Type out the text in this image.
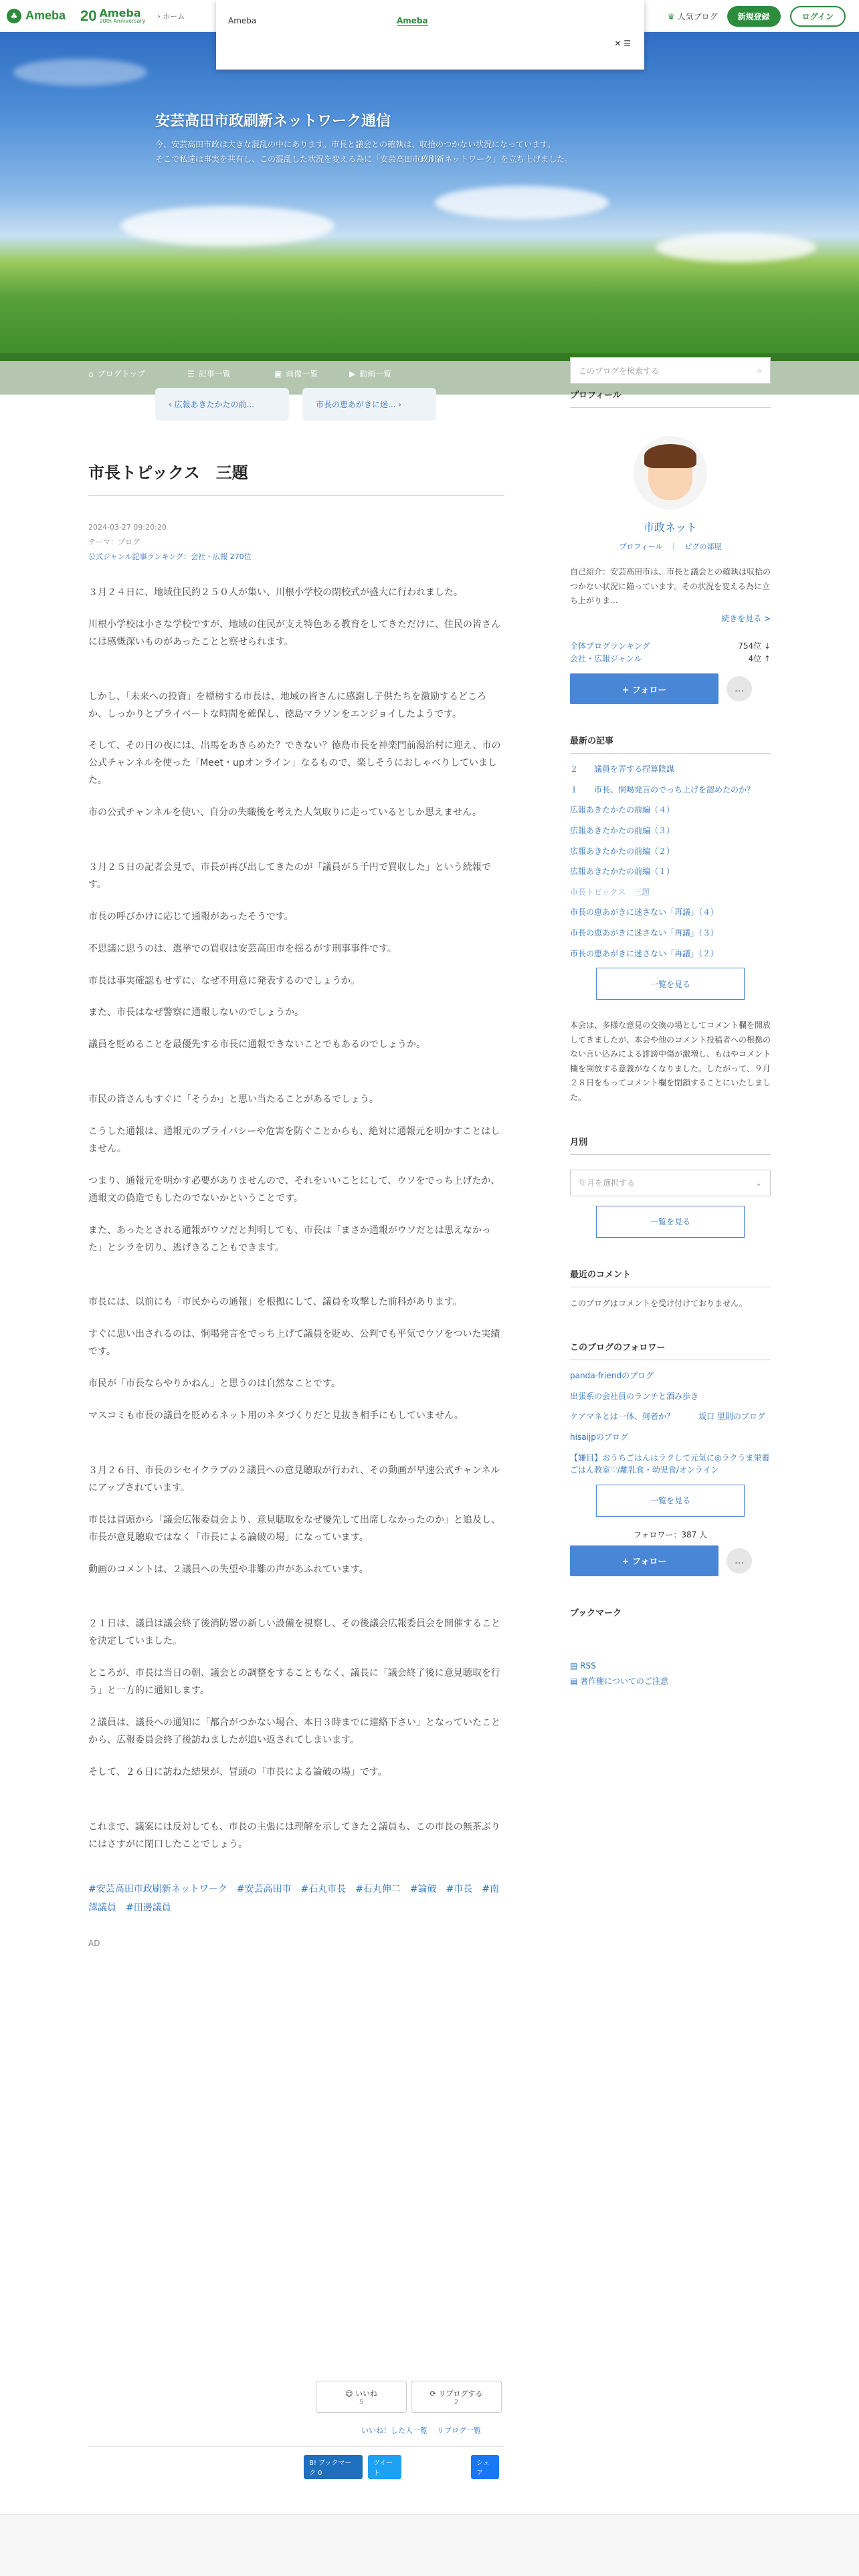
♣ Ameba 20 Ameba
20th Anniversary
› ホーム	♛ 人気ブログ	新規登録	ログイン
Ameba	Ameba
✕ ☰
安芸高田市政刷新ネットワーク通信
今、安芸高田市政は大きな混乱の中にあります。市長と議会との確執は、収拾のつかない状況になっています。
そこで私達は事実を共有し、この混乱した状況を変える為に「安芸高田市政刷新ネットワーク」を立ち上げました。
⌂ ブログトップ	☰ 記事一覧	▣ 画像一覧	▶ 動画一覧	このブログを検索する	⌕
‹ 広報あきたかたの前...	市長の恵あがきに迷... ›
市長トピックス　三題
2024-03-27 09:20:20
テーマ：ブログ
公式ジャンル記事ランキング：会社・広報 270位

３月２４日に、地域住民約２５０人が集い、川根小学校の閉校式が盛大に行われました。

川根小学校は小さな学校ですが、地域の住民が支え特色ある教育をしてきただけに、住民の皆さんには感慨深いものがあったことと察せられます。

しかし、「未来への投資」を標榜する市長は、地域の皆さんに感謝し子供たちを激励するどころか、しっかりとプライベートな時間を確保し、徳島マラソンをエンジョイしたようです。

そして、その日の夜には、出馬をあきらめた？できない？徳島市長を神楽門前湯治村に迎え、市の公式チャンネルを使った「Meet・upオンライン」なるもので、楽しそうにおしゃべりしていました。

市の公式チャンネルを使い、自分の失職後を考えた人気取りに走っているとしか思えません。

３月２５日の記者会見で、市長が再び出してきたのが「議員が５千円で買収した」という続報です。

市長の呼びかけに応じて通報があったそうです。

不思議に思うのは、選挙での買収は安芸高田市を揺るがす刑事事件です。

市長は事実確認もせずに、なぜ不用意に発表するのでしょうか。

また、市長はなぜ警察に通報しないのでしょうか。

議員を貶めることを最優先する市長に通報できないことでもあるのでしょうか。

市民の皆さんもすぐに「そうか」と思い当たることがあるでしょう。

こうした通報は、通報元のプライバシーや危害を防ぐことからも、絶対に通報元を明かすことはしません。

つまり、通報元を明かす必要がありませんので、それをいいことにして、ウソをでっち上げたか、通報文の偽造でもしたのでないかということです。

また、あったとされる通報がウソだと判明しても、市長は「まさか通報がウソだとは思えなかった」とシラを切り、逃げきることもできます。

市長には、以前にも「市民からの通報」を根拠にして、議員を攻撃した前科があります。

すぐに思い出されるのは、恫喝発言をでっち上げて議員を貶め、公判でも平気でウソをついた実績です。

市民が「市長ならやりかねん」と思うのは自然なことです。

マスコミも市長の議員を貶めるネット用のネタづくりだと見抜き相手にもしていません。

３月２６日、市長のシセイクラブの２議員への意見聴取が行われ、その動画が早速公式チャンネルにアップされています。

市長は冒頭から「議会広報委員会より、意見聴取をなぜ優先して出席しなかったのか」と追及し、市長が意見聴取ではなく「市長による論破の場」になっています。

動画のコメントは、２議員への失望や非難の声があふれています。

２１日は、議員は議会終了後消防署の新しい設備を視察し、その後議会広報委員会を開催することを決定していました。

ところが、市長は当日の朝、議会との調整をすることもなく、議長に「議会終了後に意見聴取を行う」と一方的に通知します。

２議員は、議長への通知に「都合がつかない場合、本日３時までに連絡下さい」となっていたことから、広報委員会終了後訪ねましたが追い返されてしまいます。

そして、２６日に訪ねた結果が、冒頭の「市長による論破の場」です。

これまで、議案には反対しても、市長の主張には理解を示してきた２議員も、この市長の無茶ぶりにはさすがに閉口したことでしょう。

#安芸高田市政刷新ネットワーク　#安芸高田市　#石丸市長　#石丸伸二　#論破　#市長　#南澤議員　#田邊議員
AD
☺ いいね
5
⟳ リブログする
2
いいね！した人一覧 リブログ一覧
B! ブックマーク 0
ツイート
シェア
プロフィール
市政ネット
プロフィール　｜　ピグの部屋
自己紹介：安芸高田市は、市長と議会との確執は収拾のつかない状況に陥っています。その状況を変える為に立ち上がりま...
続きを見る >
全体ブログランキング	754位 ↓
会社・広報ジャンル	4位 ↑
+ フォロー	…
最新の記事
２　　議員を弄する捏算陰謀
１　　市長、恫喝発言のでっち上げを認めたのか？
広報あきたかたの前編（４）
広報あきたかたの前編（３）
広報あきたかたの前編（２）
広報あきたかたの前編（１）
市長トピックス　三題
市長の恵あがきに迷さない「再議」（４）
市長の恵あがきに迷さない「再議」（３）
市長の恵あがきに迷さない「再議」（２）
一覧を見る
本会は、多様な意見の交換の場としてコメント欄を開放してきましたが、本会や他のコメント投稿者への根拠のない言い込みによる誹謗中傷が激増し、もはやコメント欄を開放する意義がなくなりました。したがって、９月２８日をもってコメント欄を閉鎖することにいたしました。
月別
年月を選択する	⌄
一覧を見る
最近のコメント
このブログはコメントを受け付けておりません。
このブログのフォロワー
panda-friendのブログ
出張系の会社員のランチと酒み歩き
ケアマネとは一体、何者か？　　　坂口 里則のブログ
hisaijpのブログ
【嫌目】おうちごはんはラクして元気に◎ラクうま栄養ごはん教室♡/離乳食・幼児食/オンライン
一覧を見る
フォロワー：387 人
+ フォロー	…
ブックマーク
▤ RSS
▤ 著作権についてのご注意
